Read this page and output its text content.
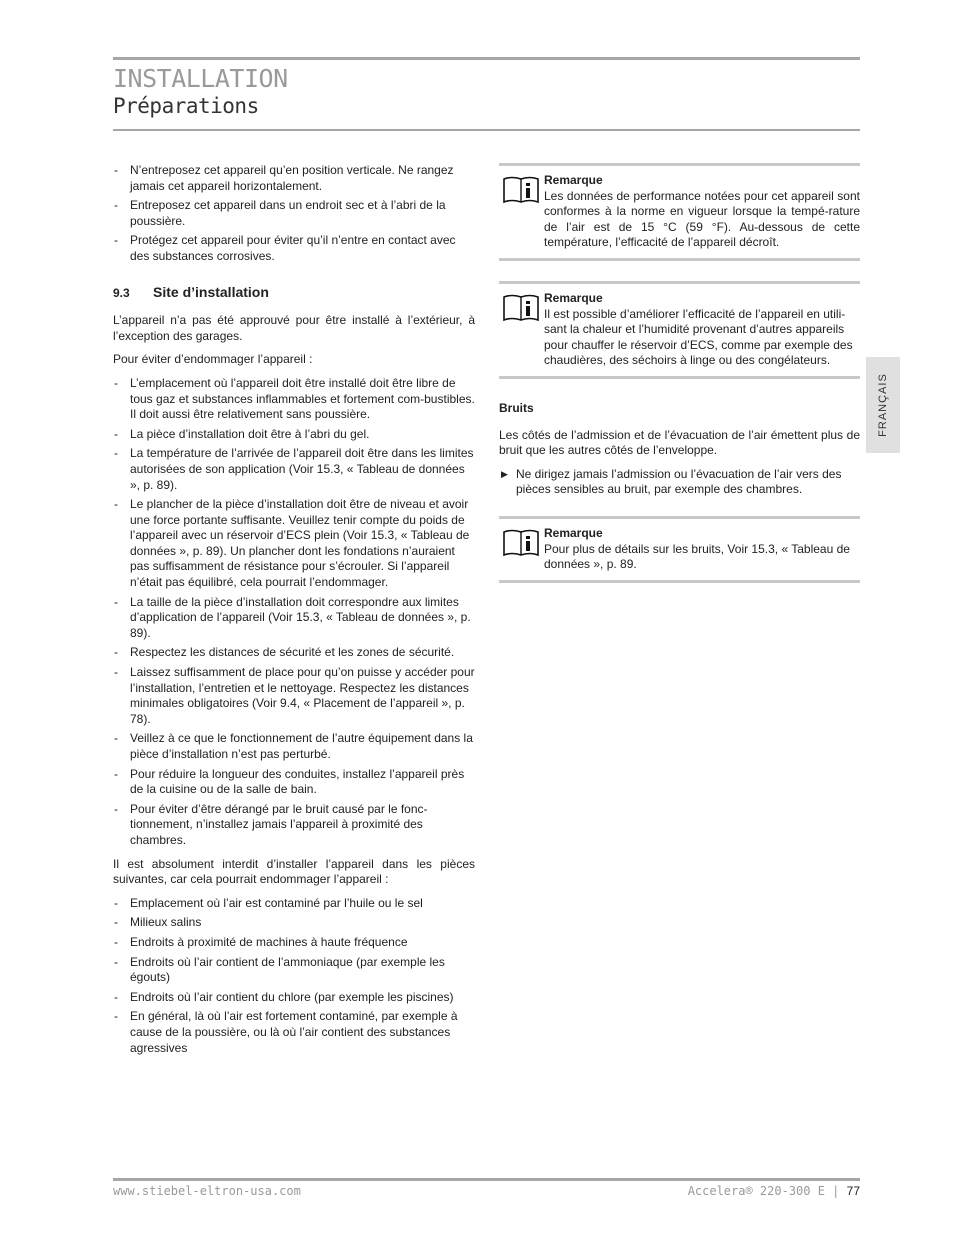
INSTALLATION
Préparations
- N’entreposez cet appareil qu’en position verticale. Ne rangez jamais cet appareil horizontalement.
- Entreposez cet appareil dans un endroit sec et à l’abri de la poussière.
- Protégez cet appareil pour éviter qu’il n’entre en contact avec des substances corrosives.
9.3 Site d’installation

L’appareil n’a pas été approuvé pour être installé à l’extérieur, à l’exception des garages.

Pour éviter d’endommager l’appareil :

- L’emplacement où l’appareil doit être installé doit être libre de tous gaz et substances inflammables et fortement com-bustibles. Il doit aussi être relativement sans poussière.
- La pièce d’installation doit être à l’abri du gel.
- La température de l’arrivée de l’appareil doit être dans les limites autorisées de son application (Voir 15.3, « Tableau de données », p. 89).
- Le plancher de la pièce d’installation doit être de niveau et avoir une force portante suffisante. Veuillez tenir compte du poids de l’appareil avec un réservoir d’ECS plein (Voir 15.3, « Tableau de données », p. 89). Un plancher dont les fondations n’auraient pas suffisamment de résistance pour s’écrouler. Si l’appareil n’était pas équilibré, cela pourrait l’endommager.
- La taille de la pièce d’installation doit correspondre aux limites d’application de l’appareil (Voir 15.3, « Tableau de données », p. 89).
- Respectez les distances de sécurité et les zones de sécurité.
- Laissez suffisamment de place pour qu’on puisse y accéder pour l’installation, l’entretien et le nettoyage. Respectez les distances minimales obligatoires (Voir 9.4, « Placement de l’appareil », p. 78).
- Veillez à ce que le fonctionnement de l’autre équipement dans la pièce d’installation n’est pas perturbé.
- Pour réduire la longueur des conduites, installez l’appareil près de la cuisine ou de la salle de bain.
- Pour éviter d’être dérangé par le bruit causé par le fonc-tionnement, n’installez jamais l’appareil à proximité des chambres.

Il est absolument interdit d’installer l’appareil dans les pièces suivantes, car cela pourrait endommager l’appareil :

- Emplacement où l’air est contaminé par l’huile ou le sel
- Milieux salins
- Endroits à proximité de machines à haute fréquence
- Endroits où l’air contient de l’ammoniaque (par exemple les égouts)
- Endroits où l’air contient du chlore (par exemple les piscines)
- En général, là où l’air est fortement contaminé, par exemple à cause de la poussière, ou là où l’air contient des substances agressives
Remarque
Les données de performance notées pour cet appareil sont conformes à la norme en vigueur lorsque la tempé-rature de l’air est de 15 °C (59 °F). Au-dessous de cette température, l’efficacité de l’appareil décroît.
Remarque
Il est possible d’améliorer l’efficacité de l’appareil en utili-sant la chaleur et l’humidité provenant d’autres appareils pour chauffer le réservoir d’ECS, comme par exemple des chaudières, des séchoirs à linge ou des congélateurs.
Bruits

Les côtés de l’admission et de l’évacuation de l’air émettent plus de bruit que les autres côtés de l’enveloppe.

▶ Ne dirigez jamais l’admission ou l’évacuation de l’air vers des pièces sensibles au bruit, par exemple des chambres.
Remarque
Pour plus de détails sur les bruits, Voir 15.3, « Tableau de données », p. 89.
FRANÇAIS
www.stiebel-eltron-usa.com	Accelera® 220-300 E | 77
